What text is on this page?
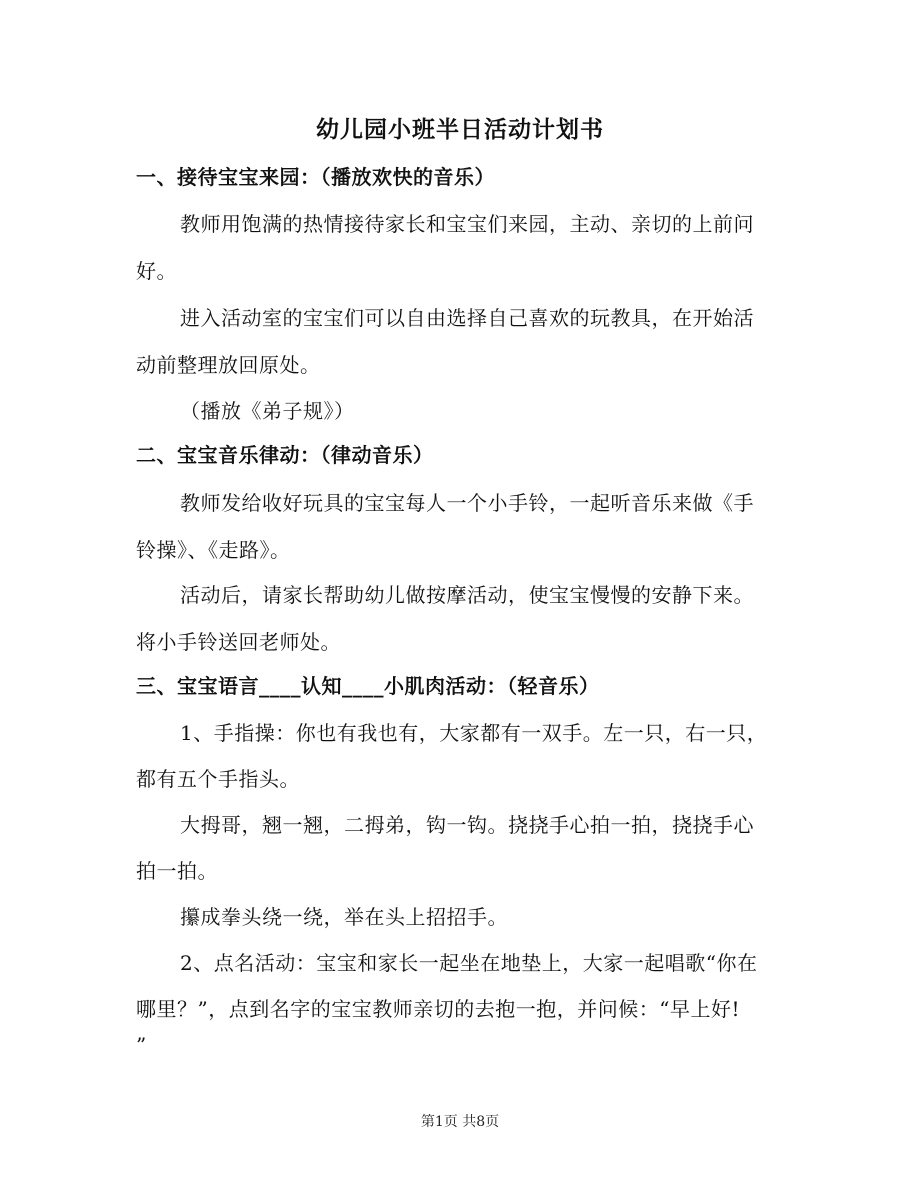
幼儿园小班半日活动计划书
一、接待宝宝来园：（播放欢快的音乐）
教师用饱满的热情接待家长和宝宝们来园，主动、亲切的上前问
好。
进入活动室的宝宝们可以自由选择自己喜欢的玩教具，在开始活
动前整理放回原处。
（播放《弟子规》）
二、宝宝音乐律动：（律动音乐）
教师发给收好玩具的宝宝每人一个小手铃，一起听音乐来做《手
铃操》、《走路》。
活动后，请家长帮助幼儿做按摩活动，使宝宝慢慢的安静下来。
将小手铃送回老师处。
三、宝宝语言____认知____小肌肉活动：（轻音乐）
1、手指操：你也有我也有，大家都有一双手。左一只，右一只，
都有五个手指头。
大拇哥，翘一翘，二拇弟，钩一钩。挠挠手心拍一拍，挠挠手心
拍一拍。
攥成拳头绕一绕，举在头上招招手。
2、点名活动：宝宝和家长一起坐在地垫上，大家一起唱歌“你在
哪里？”，点到名字的宝宝教师亲切的去抱一抱，并问候：“早上好!
”
第1页 共8页
